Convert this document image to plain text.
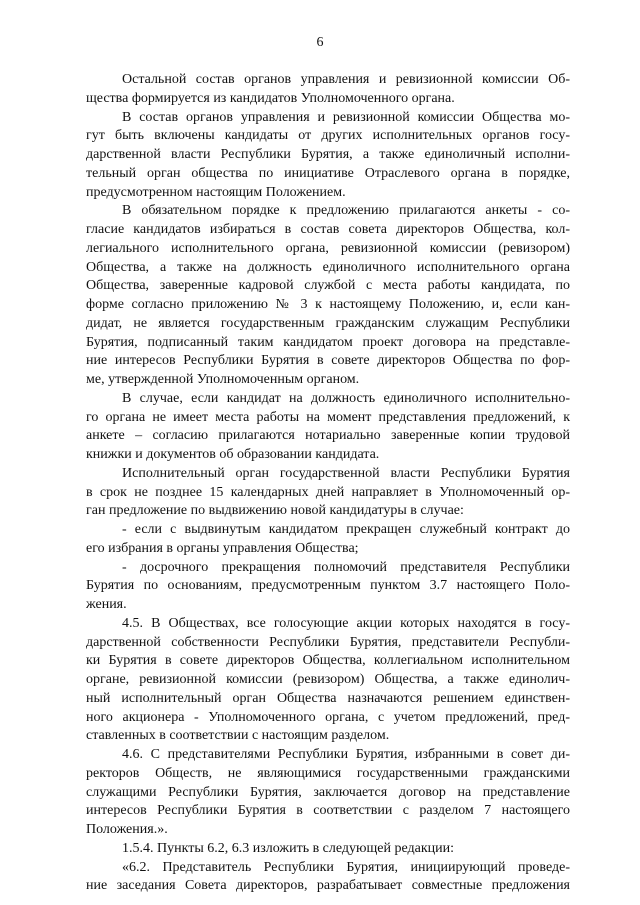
6

Остальной состав органов управления и ревизионной комиссии Об-
щества формируется из кандидатов Уполномоченного органа.

В состав органов управления и ревизионной комиссии Общества мо-
гут быть включены кандидаты от других исполнительных органов госу-
дарственной власти Республики Бурятия, а также единоличный исполни-
тельный орган общества по инициативе Отраслевого органа в порядке,
предусмотренном настоящим Положением.

В обязательном порядке к предложению прилагаются анкеты - со-
гласие кандидатов избираться в состав совета директоров Общества, кол-
легиального исполнительного органа, ревизионной комиссии (ревизором)
Общества, а также на должность единоличного исполнительного органа
Общества, заверенные кадровой службой с места работы кандидата, по
форме согласно приложению № 3 к настоящему Положению, и, если кан-
дидат, не является государственным гражданским служащим Республики
Бурятия, подписанный таким кандидатом проект договора на представле-
ние интересов Республики Бурятия в совете директоров Общества по фор-
ме, утвержденной Уполномоченным органом.

В случае, если кандидат на должность единоличного исполнительно-
го органа не имеет места работы на момент представления предложений, к
анкете – согласию прилагаются нотариально заверенные копии трудовой
книжки и документов об образовании кандидата.

Исполнительный орган государственной власти Республики Бурятия
в срок не позднее 15 календарных дней направляет в Уполномоченный ор-
ган предложение по выдвижению новой кандидатуры в случае:

- если с выдвинутым кандидатом прекращен служебный контракт до
его избрания в органы управления Общества;

- досрочного прекращения полномочий представителя Республики
Бурятия по основаниям, предусмотренным пунктом 3.7 настоящего Поло-
жения.

4.5. В Обществах, все голосующие акции которых находятся в госу-
дарственной собственности Республики Бурятия, представители Республи-
ки Бурятия в совете директоров Общества, коллегиальном исполнительном
органе, ревизионной комиссии (ревизором) Общества, а также единолич-
ный исполнительный орган Общества назначаются решением единствен-
ного акционера - Уполномоченного органа, с учетом предложений, пред-
ставленных в соответствии с настоящим разделом.

4.6. С представителями Республики Бурятия, избранными в совет ди-
ректоров Обществ, не являющимися государственными гражданскими
служащими Республики Бурятия, заключается договор на представление
интересов Республики Бурятия в соответствии с разделом 7 настоящего
Положения.».

1.5.4. Пункты 6.2, 6.3 изложить в следующей редакции:

«6.2. Представитель Республики Бурятия, инициирующий проведе-
ние заседания Совета директоров, разрабатывает совместные предложения
